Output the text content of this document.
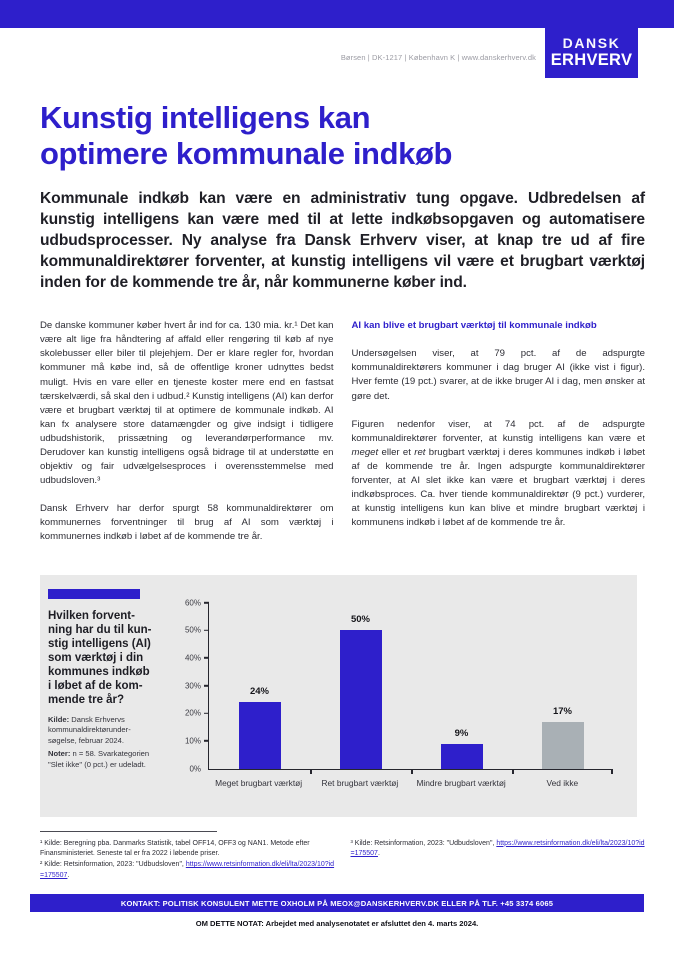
Børsen | DK-1217 | København K | www.danskerhverv.dk
DANSK
ERHVERV
Kunstig intelligens kan
optimere kommunale indkøb

Kommunale indkøb kan være en administrativ tung opgave. Udbredelsen af kunstig intelligens kan være med til at lette indkøbsopgaven og automatisere udbudsprocesser. Ny analyse fra Dansk Erhverv viser, at knap tre ud af fire kommunaldirektører forventer, at kunstig intelligens vil være et brugbart værktøj inden for de kommende tre år, når kommunerne køber ind.

De danske kommuner køber hvert år ind for ca. 130 mia. kr.¹ Det kan være alt lige fra håndtering af affald eller rengøring til køb af nye skolebusser eller biler til plejehjem. Der er klare regler for, hvordan kommuner må købe ind, så de offentlige kroner udnyttes bedst muligt. Hvis en vare eller en tjeneste koster mere end en fastsat tærskelværdi, så skal den i udbud.² Kunstig intelligens (AI) kan derfor være et brugbart værktøj til at optimere de kommunale indkøb. AI kan fx analysere store datamængder og give indsigt i tidligere udbudshistorik, prissætning og leverandørperformance mv. Derudover kan kunstig intelligens også bidrage til at understøtte en objektiv og fair udvælgelsesproces i overensstemmelse med udbudsloven.³

Dansk Erhverv har derfor spurgt 58 kommunaldirektører om kommunernes forventninger til brug af AI som værktøj i kommunernes indkøb i løbet af de kommende tre år.

AI kan blive et brugbart værktøj til kommunale indkøb

Undersøgelsen viser, at 79 pct. af de adspurgte kommunaldirektørers kommuner i dag bruger AI (ikke vist i figur). Hver femte (19 pct.) svarer, at de ikke bruger AI i dag, men ønsker at gøre det.

Figuren nedenfor viser, at 74 pct. af de adspurgte kommunaldirektører forventer, at kunstig intelligens kan være et meget eller et ret brugbart værktøj i deres kommunes indkøb i løbet af de kommende tre år. Ingen adspurgte kommunaldirektører forventer, at AI slet ikke kan være et brugbart værktøj i deres indkøbsproces. Ca. hver tiende kommunaldirektør (9 pct.) vurderer, at kunstig intelligens kun kan blive et mindre brugbart værktøj i kommunens indkøb i løbet af de kommende tre år.

Hvilken forventning har du til kunstig intelligens (AI) som værktøj i din kommunes indkøb i løbet af de kommende tre år?
Kilde: Dansk Erhvervs kommunaldirektørundersøgelse, februar 2024.
Noter: n = 58. Svarkategorien "Slet ikke" (0 pct.) er udeladt.
0%
10%
20%
30%
40%
50%
60%
24%
50%
9%
17%
Meget brugbart værktøj	Ret brugbart værktøj	Mindre brugbart værktøj	Ved ikke

¹ Kilde: Beregning pba. Danmarks Statistik, tabel OFF14, OFF3 og NAN1. Metode efter Finansministeriet. Seneste tal er fra 2022 i løbende priser.

² Kilde: Retsinformation, 2023: "Udbudsloven", https://www.retsinformation.dk/eli/lta/2023/10?id=175507.

³ Kilde: Retsinformation, 2023: "Udbudsloven", https://www.retsinformation.dk/eli/lta/2023/10?id=175507.

KONTAKT: POLITISK KONSULENT METTE OXHOLM PÅ MEOX@DANSKERHVERV.DK ELLER PÅ TLF. +45 3374 6065
OM DETTE NOTAT: Arbejdet med analysenotatet er afsluttet den 4. marts 2024.
